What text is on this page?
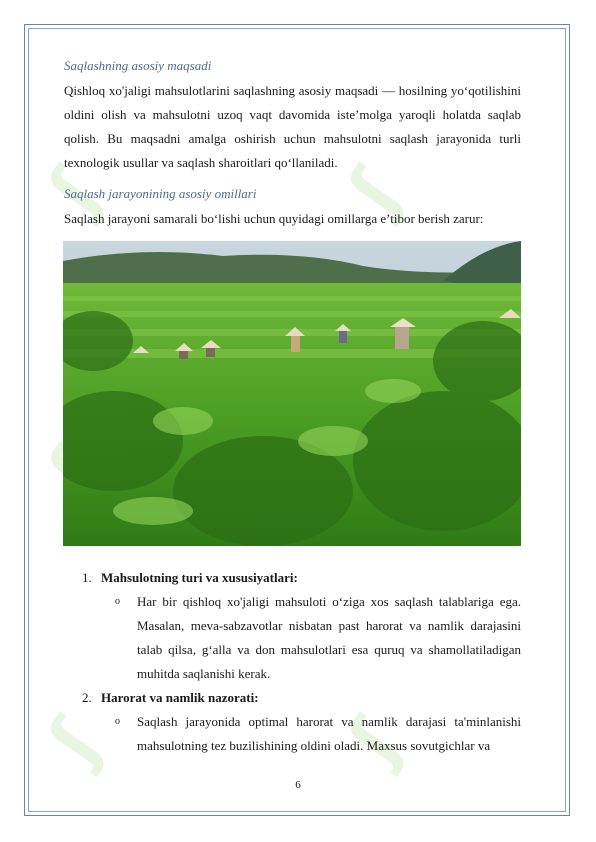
ʃ	ʃ
ʃ	ʃ
Saqlashning asosiy maqsadi

Qishloq xo'jaligi mahsulotlarini saqlashning asosiy maqsadi — hosilning yo‘qotilishini oldini olish va mahsulotni uzoq vaqt davomida iste’molga yaroqli holatda saqlab qolish. Bu maqsadni amalga oshirish uchun mahsulotni saqlash jarayonida turli texnologik usullar va saqlash sharoitlari qo‘llaniladi.

Saqlash jarayonining asosiy omillari

Saqlash jarayoni samarali bo‘lishi uchun quyidagi omillarga e’tibor berish zarur:

1. Mahsulotning turi va xususiyatlari:
o Har bir qishloq xo'jaligi mahsuloti o‘ziga xos saqlash talablariga ega. Masalan, meva-sabzavotlar nisbatan past harorat va namlik darajasini talab qilsa, g‘alla va don mahsulotlari esa quruq va shamollatiladigan muhitda saqlanishi kerak.
2. Harorat va namlik nazorati:
o Saqlash jarayonida optimal harorat va namlik darajasi ta'minlanishi mahsulotning tez buzilishining oldini oladi. Maxsus sovutgichlar va
6
